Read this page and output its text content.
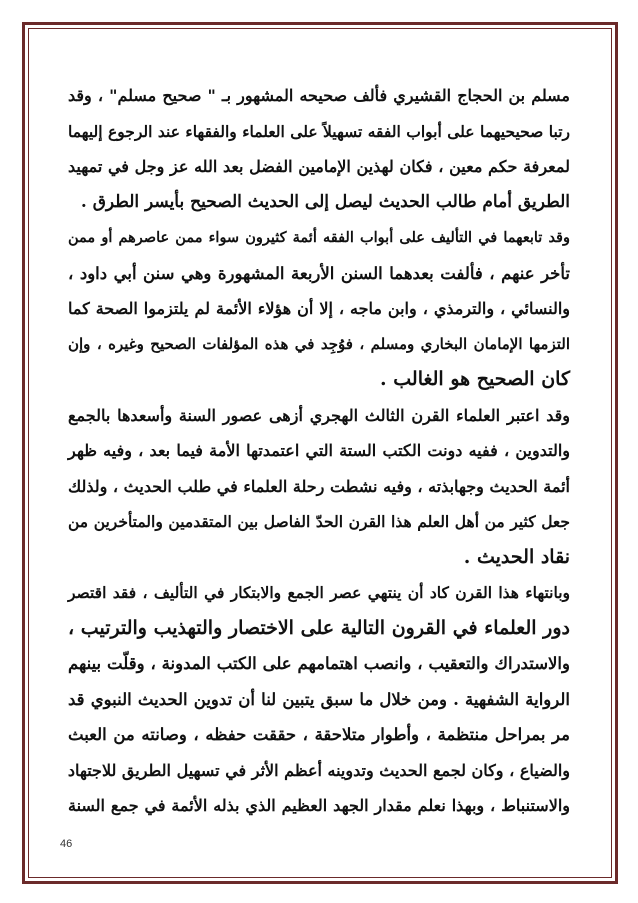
مسلم بن الحجاج القشيري فألف صحيحه المشهور بـ " صحيح مسلم" ، وقد
رتبا صحيحيهما على أبواب الفقه تسهيلاً على العلماء والفقهاء عند الرجوع إليهما
لمعرفة حكم معين ، فكان لهذين الإمامين الفضل بعد الله عز وجل في تمهيد
الطريق أمام طالب الحديث ليصل إلى الحديث الصحيح بأيسر الطرق .
وقد تابعهما في التأليف على أبواب الفقه أئمة كثيرون سواء ممن عاصرهم أو ممن
تأخر عنهم ، فألفت بعدهما السنن الأربعة المشهورة وهي سنن أبي داود ،
والنسائي ، والترمذي ، وابن ماجه ، إلا أن هؤلاء الأئمة لم يلتزموا الصحة كما
التزمها الإمامان البخاري ومسلم ، فوُجِد في هذه المؤلفات الصحيح وغيره ، وإن
كان الصحيح هو الغالب .
وقد اعتبر العلماء القرن الثالث الهجري أزهى عصور السنة وأسعدها بالجمع
والتدوين ، ففيه دونت الكتب الستة التي اعتمدتها الأمة فيما بعد ، وفيه ظهر
أئمة الحديث وجهابذته ، وفيه نشطت رحلة العلماء في طلب الحديث ، ولذلك
جعل كثير من أهل العلم هذا القرن الحدّ الفاصل بين المتقدمين والمتأخرين من
نقاد الحديث .
وبانتهاء هذا القرن كاد أن ينتهي عصر الجمع والابتكار في التأليف ، فقد اقتصر
دور العلماء في القرون التالية على الاختصار والتهذيب والترتيب ،
والاستدراك والتعقيب ، وانصب اهتمامهم على الكتب المدونة ، وقلّت بينهم
الرواية الشفهية . ومن خلال ما سبق يتبين لنا أن تدوين الحديث النبوي قد
مر بمراحل منتظمة ، وأطوار متلاحقة ، حققت حفظه ، وصانته من العبث
والضياع ، وكان لجمع الحديث وتدوينه أعظم الأثر في تسهيل الطريق للاجتهاد
والاستنباط ، وبهذا نعلم مقدار الجهد العظيم الذي بذله الأئمة في جمع السنة
46
